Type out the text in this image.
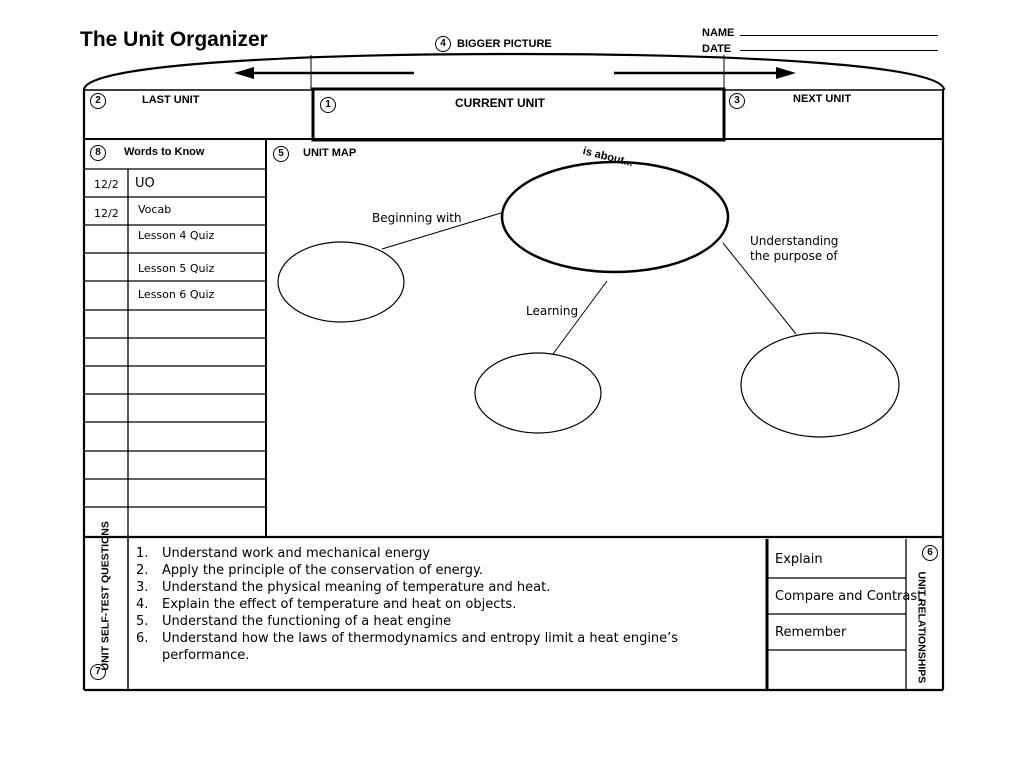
The Unit Organizer	4	BIGGER PICTURE
NAME
DATE
2	LAST UNIT	1	CURRENT UNIT	3	NEXT UNIT
8	Words to Know
12/2 UO
12/2 Vocab
Lesson 4 Quiz
Lesson 5 Quiz
Lesson 6 Quiz
5	UNIT MAP	is about...
Beginning with
Learning
Understanding
the purpose of
UNIT SELF-TEST QUESTIONS
7
1. Understand work and mechanical energy
2. Apply the principle of the conservation of energy.
3. Understand the physical meaning of temperature and heat.
4. Explain the effect of temperature and heat on objects.
5. Understand the functioning of a heat engine
6. Understand how the laws of thermodynamics and entropy limit a heat engine’s performance.
Explain
Compare and Contrast
Remember
6
UNIT RELATIONSHIPS
